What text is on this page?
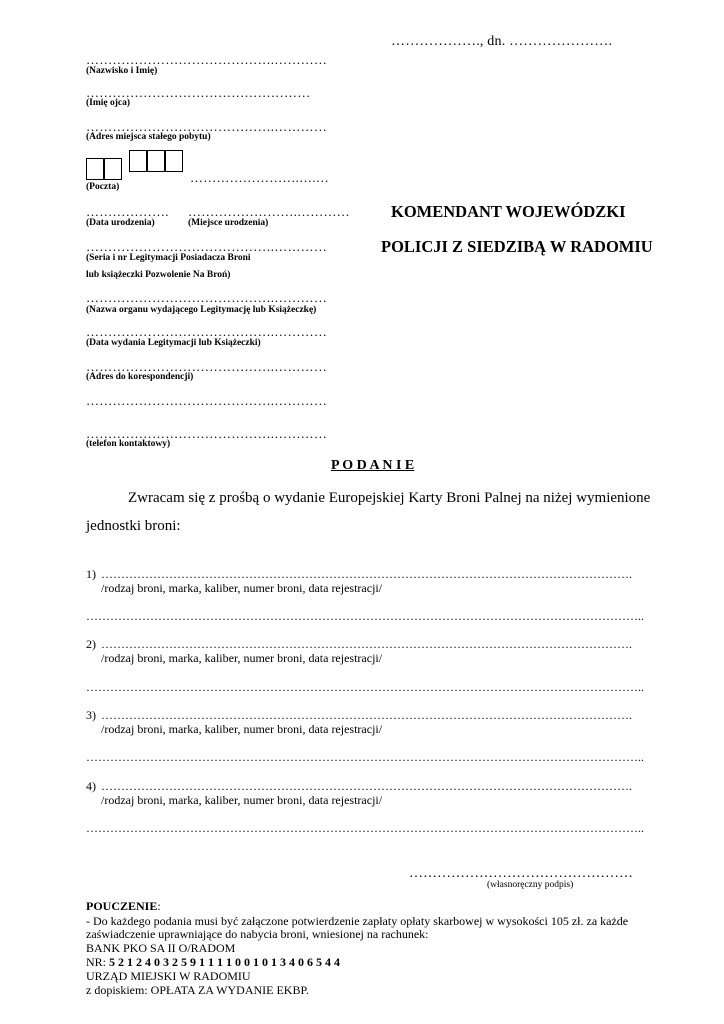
………………., dn. ………………….
…………………………………….…………
(Nazwisko i Imię)
……………………………………………
(Imię ojca)
…………………………………….…………
(Adres miejsca stałego pobytu)
…………………….….…
(Poczta)
………………. …………………….…………
(Data urodzenia)	(Miejsce urodzenia)
…………………………………….…………
(Seria i nr Legitymacji Posiadacza Broni
lub książeczki Pozwolenie Na Broń)
…………………………………….…………
(Nazwa organu wydającego Legitymację lub Książeczkę)
…………………………………….…………
(Data wydania Legitymacji lub Książeczki)
…………………………………….…………
(Adres do korespondencji)
…………………………………….…………
…………………………………….…………
(telefon kontaktowy)
KOMENDANT WOJEWÓDZKI
POLICJI Z SIEDZIBĄ W RADOMIU
P O D A N I E
Zwracam się z prośbą o wydanie Europejskiej Karty Broni Palnej na niżej wymienione
jednostki broni:
1) …………………………………………………………………………………………………………………….
/rodzaj broni, marka, kaliber, numer broni, data rejestracji/
…………………………………………………………………………………………………………………………..
2) …………………………………………………………………………………………………………………….
/rodzaj broni, marka, kaliber, numer broni, data rejestracji/
…………………………………………………………………………………………………………………………..
3) …………………………………………………………………………………………………………………….
/rodzaj broni, marka, kaliber, numer broni, data rejestracji/
…………………………………………………………………………………………………………………………..
4) …………………………………………………………………………………………………………………….
/rodzaj broni, marka, kaliber, numer broni, data rejestracji/
…………………………………………………………………………………………………………………………..
…………………………………………
(własnoręczny podpis)
POUCZENIE:
- Do każdego podania musi być załączone potwierdzenie zapłaty opłaty skarbowej w wysokości 105 zł. za każde
zaświadczenie uprawniające do nabycia broni, wniesionej na rachunek:
BANK PKO SA II O/RADOM
NR: 5 2 1 2 4 0 3 2 5 9 1 1 1 1 0 0 1 0 1 3 4 0 6 5 4 4
URZĄD MIEJSKI W RADOMIU
z dopiskiem: OPŁATA ZA WYDANIE EKBP.
